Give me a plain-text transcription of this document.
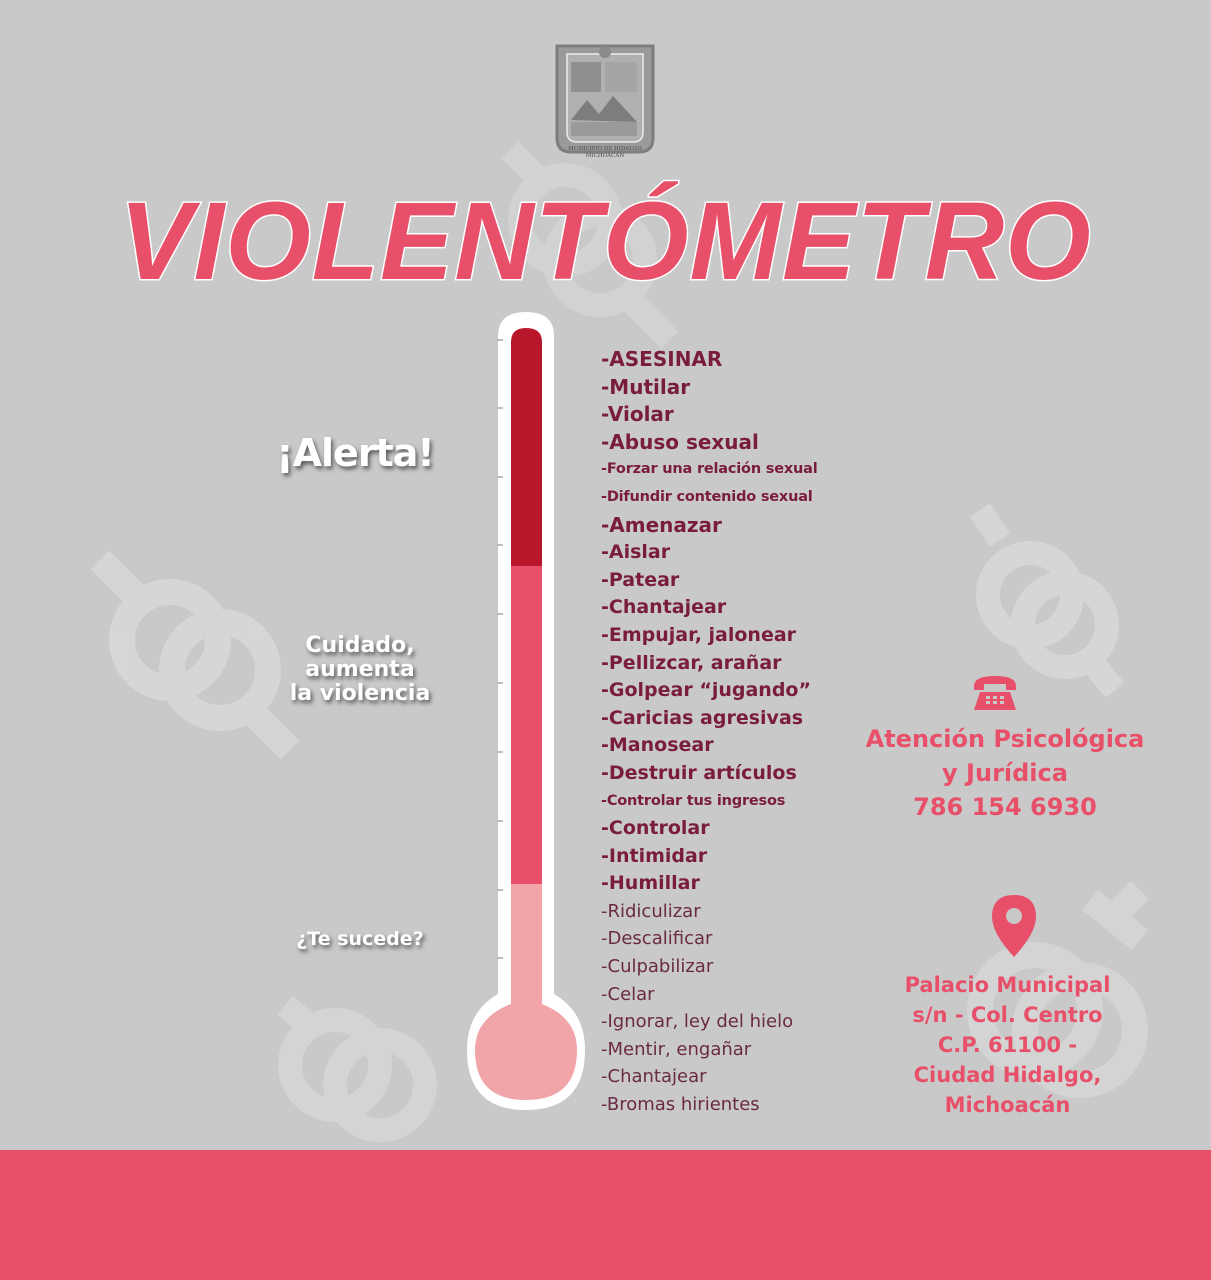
MUNICIPIO DE HIDALGO
MICHOACÁN
VIOLENTÓMETRO
¡Alerta!
Cuidado,
aumenta
la violencia
¿Te sucede?
-ASESINAR
-Mutilar
-Violar
-Abuso sexual
-Forzar una relación sexual
-Difundir contenido sexual
-Amenazar
-Aislar
-Patear
-Chantajear
-Empujar, jalonear
-Pellizcar, arañar
-Golpear “jugando”
-Caricias agresivas
-Manosear
-Destruir artículos
-Controlar tus ingresos
-Controlar
-Intimidar
-Humillar
-Ridiculizar
-Descalificar
-Culpabilizar
-Celar
-Ignorar, ley del hielo
-Mentir, engañar
-Chantajear
-Bromas hirientes
Atención Psicológica
y Jurídica
786 154 6930
Palacio Municipal
s/n - Col. Centro
C.P. 61100 -
Ciudad Hidalgo,
Michoacán
